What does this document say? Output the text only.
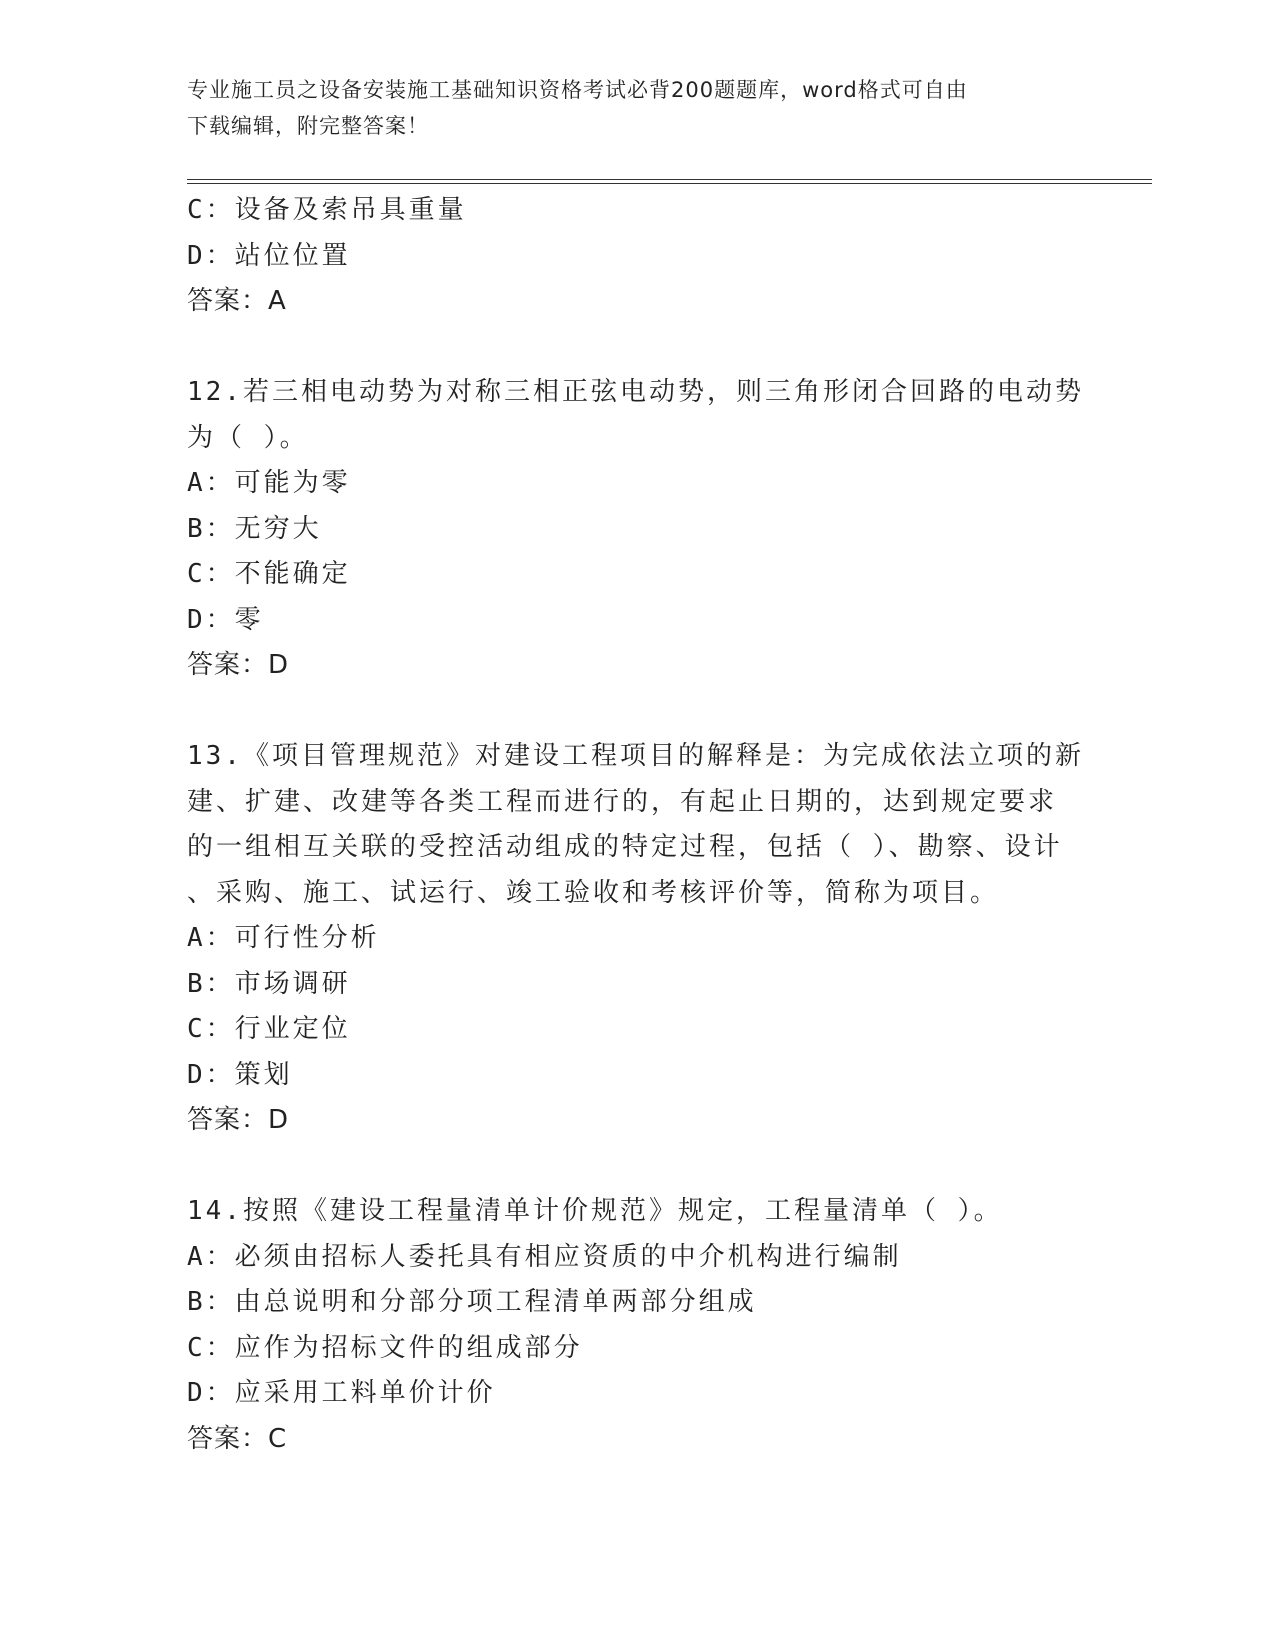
专业施工员之设备安装施工基础知识资格考试必背200题题库，word格式可自由
下载编辑，附完整答案！
C：设备及索吊具重量
D：站位位置
答案：A
12.若三相电动势为对称三相正弦电动势，则三角形闭合回路的电动势
为（ ）。
A：可能为零
B：无穷大
C：不能确定
D：零
答案：D
13.《项目管理规范》对建设工程项目的解释是：为完成依法立项的新
建、扩建、改建等各类工程而进行的，有起止日期的，达到规定要求
的一组相互关联的受控活动组成的特定过程，包括（ ）、勘察、设计
、采购、施工、试运行、竣工验收和考核评价等，简称为项目。
A：可行性分析
B：市场调研
C：行业定位
D：策划
答案：D
14.按照《建设工程量清单计价规范》规定，工程量清单（ ）。
A：必须由招标人委托具有相应资质的中介机构进行编制
B：由总说明和分部分项工程清单两部分组成
C：应作为招标文件的组成部分
D：应采用工料单价计价
答案：C
